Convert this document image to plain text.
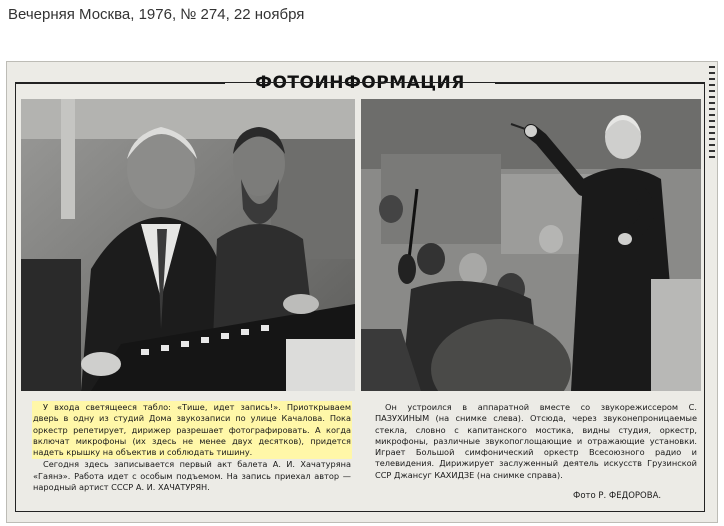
Вечерняя Москва, 1976, № 274, 22 ноября
ФОТОИНФОРМАЦИЯ
У входа светящееся табло: «Тише, идет запись!». Приоткрываем дверь в одну из студий Дома звукозаписи по улице Качалова. Пока оркестр репетирует, дирижер разрешает фотографировать. А когда включат микрофоны (их здесь не менее двух десятков), придется надеть крышку на объектив и соблюдать тишину.
Сегодня здесь записывается первый акт балета А. И. Хачатуряна «Гаянэ». Работа идет с особым подъемом. На запись приехал автор — народный артист СССР А. И. ХАЧАТУРЯН.
Он устроился в аппаратной вместе со звукорежиссером С. ПАЗУХИНЫМ (на снимке слева). Отсюда, через звуконепроницаемые стекла, словно с капитанского мостика, видны студия, оркестр, микрофоны, различные звукопоглощающие и отражающие установки. Играет Большой симфонический оркестр Всесоюзного радио и телевидения. Дирижирует заслуженный деятель искусств Грузинской ССР Джансуг КАХИДЗЕ (на снимке справа).
Фото Р. ФЕДОРОВА.
